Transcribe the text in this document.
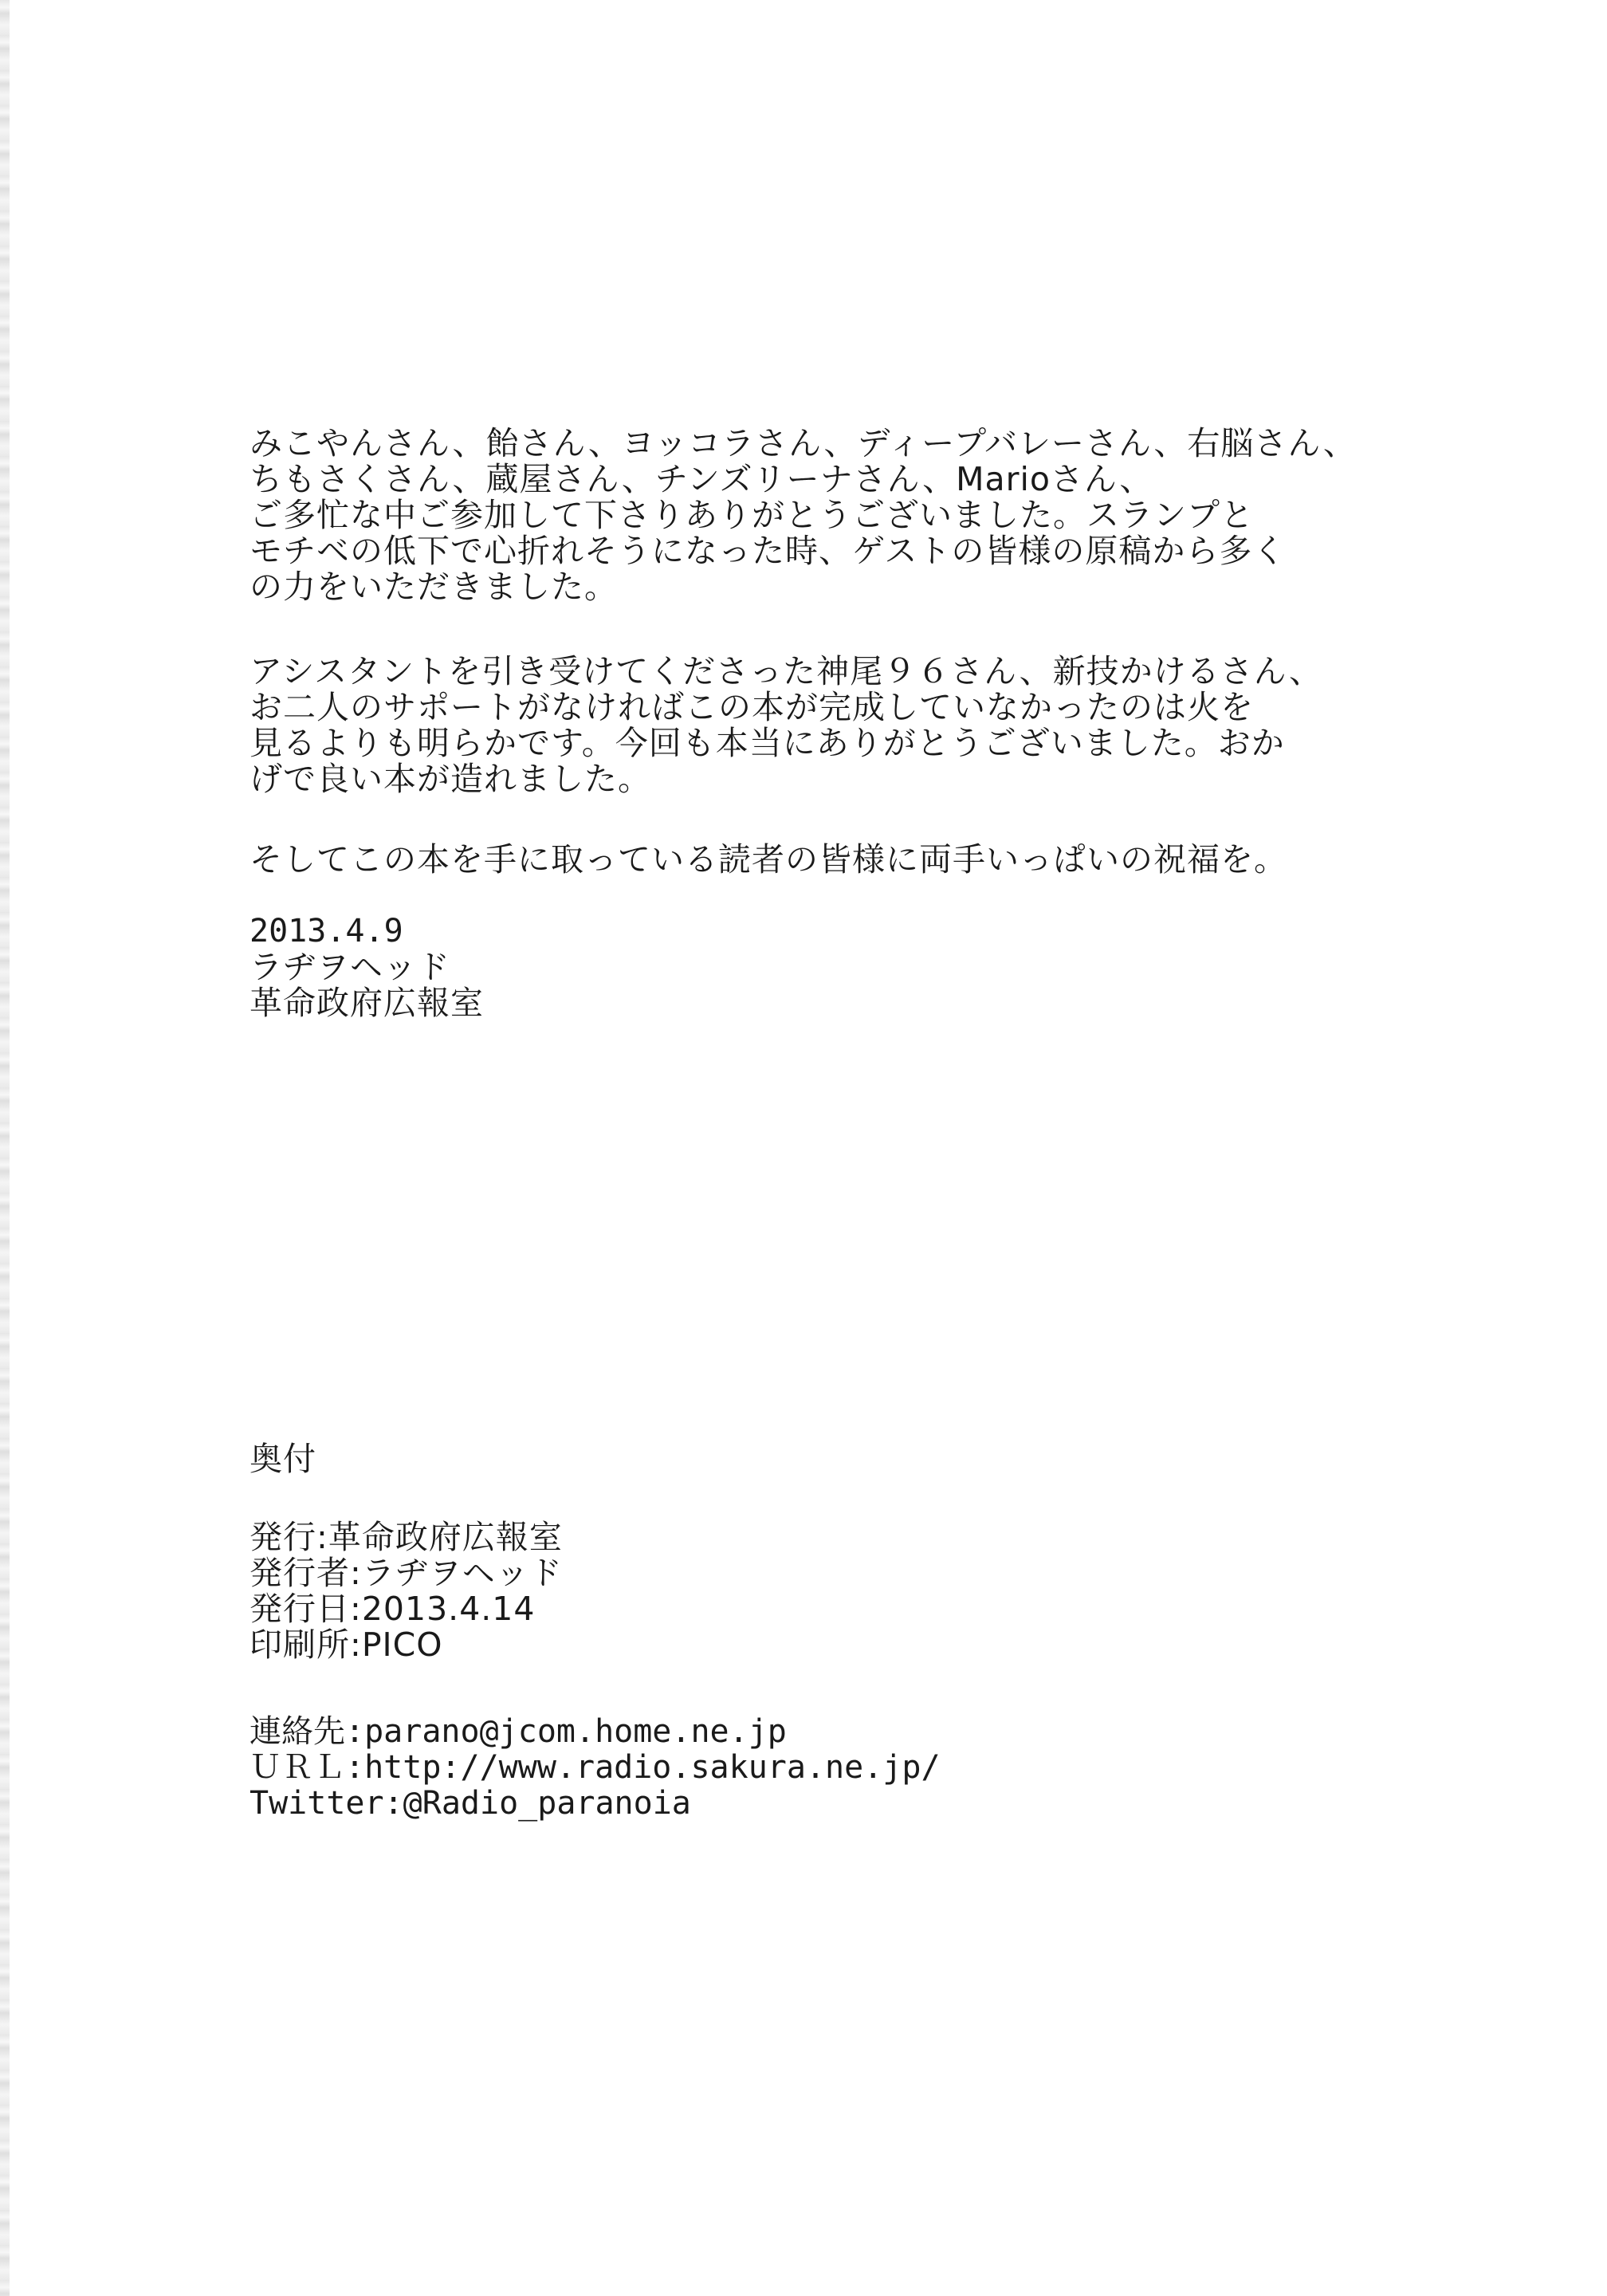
みこやんさん、飴さん、ヨッコラさん、ディープバレーさん、右脳さん、

ちもさくさん、蔵屋さん、チンズリーナさん、Marioさん、

ご多忙な中ご参加して下さりありがとうございました。スランプと

モチベの低下で心折れそうになった時、ゲストの皆様の原稿から多く

の力をいただきました。

アシスタントを引き受けてくださった神尾９６さん、新技かけるさん、

お二人のサポートがなければこの本が完成していなかったのは火を

見るよりも明らかです。今回も本当にありがとうございました。おか

げで良い本が造れました。

そしてこの本を手に取っている読者の皆様に両手いっぱいの祝福を。

2013.4.9

ラヂヲヘッド

革命政府広報室

奥付

発行:革命政府広報室

発行者:ラヂヲヘッド

発行日:2013.4.14

印刷所:PICO

連絡先:parano@jcom.home.ne.jp

ＵＲＬ:http://www.radio.sakura.ne.jp/

Twitter:@Radio_paranoia
